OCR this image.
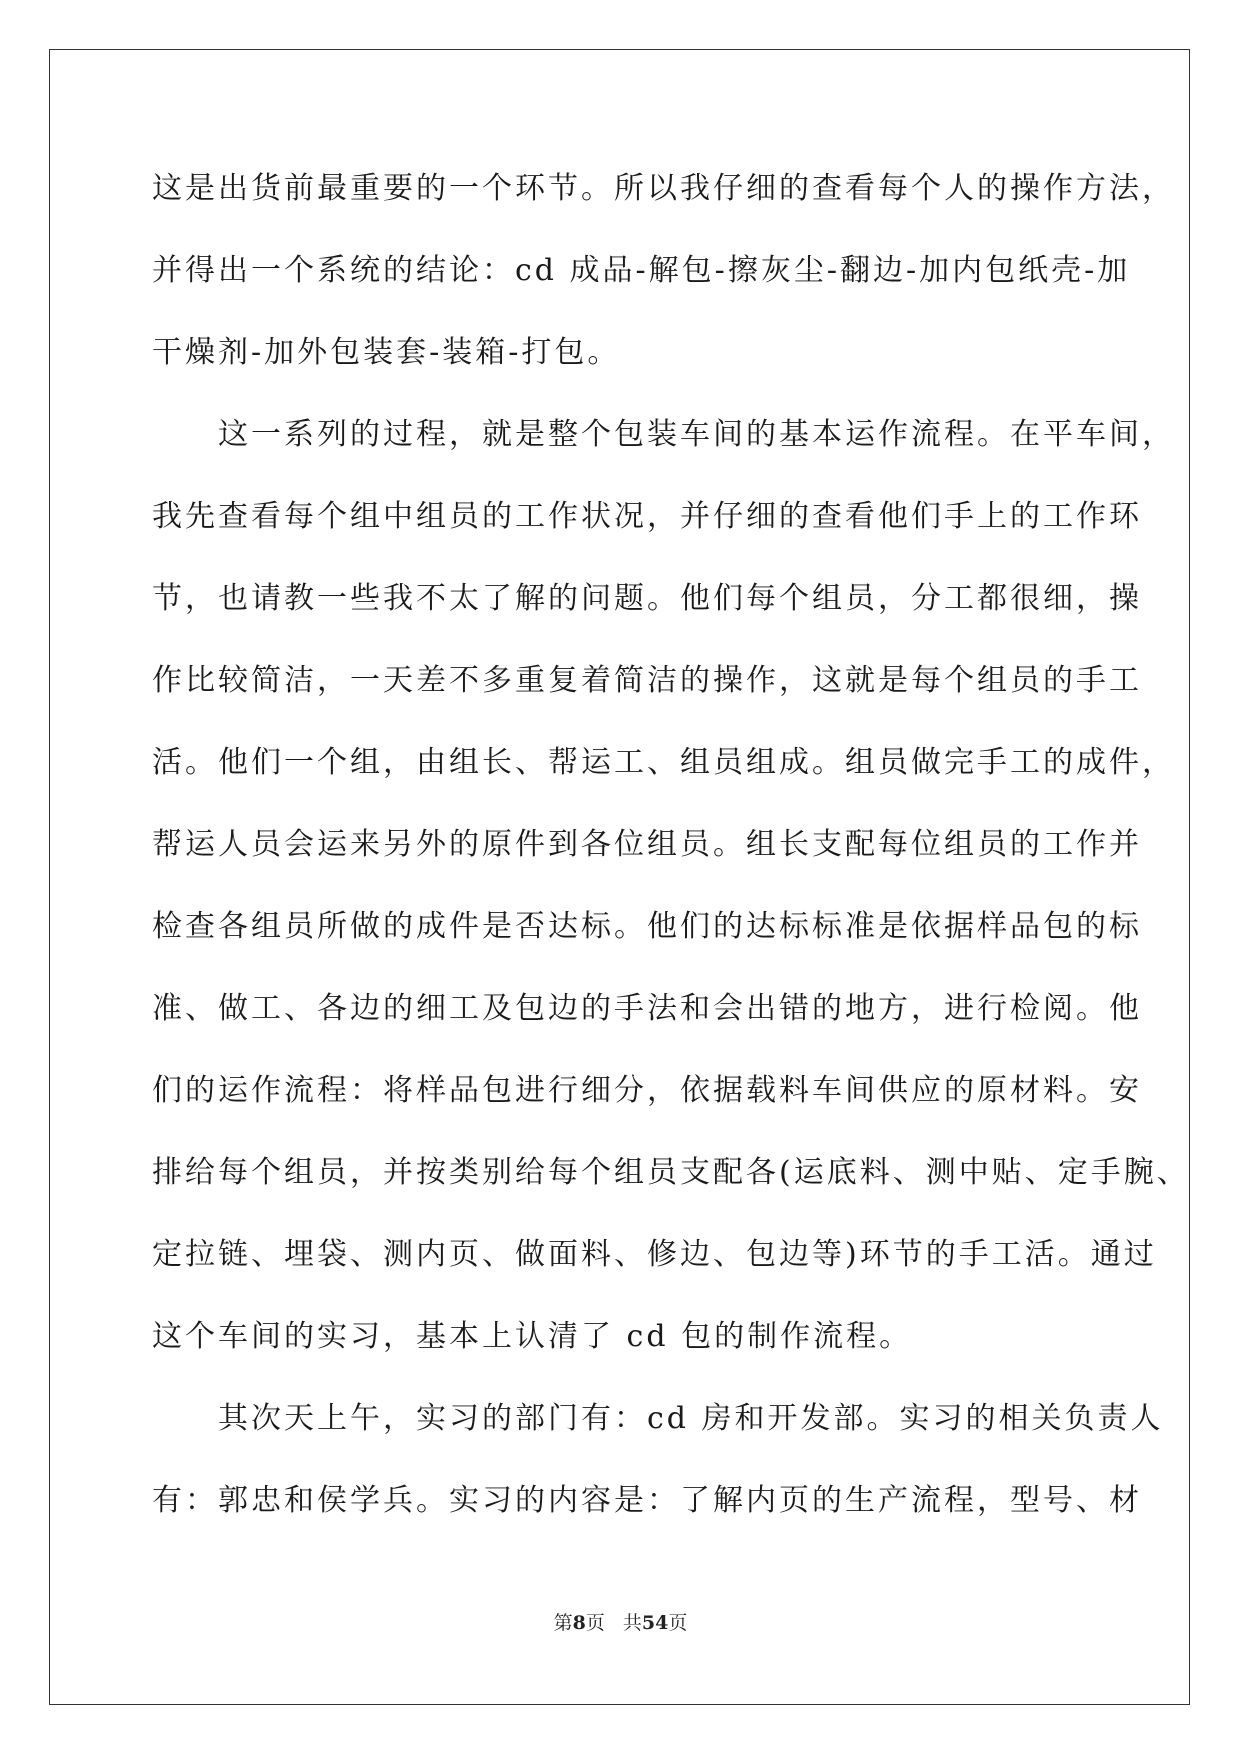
这是出货前最重要的一个环节。所以我仔细的查看每个人的操作方法，
并得出一个系统的结论：cd 成品-解包-擦灰尘-翻边-加内包纸壳-加
干燥剂-加外包装套-装箱-打包。
　　这一系列的过程，就是整个包装车间的基本运作流程。在平车间，
我先查看每个组中组员的工作状况，并仔细的查看他们手上的工作环
节，也请教一些我不太了解的问题。他们每个组员，分工都很细，操
作比较简洁，一天差不多重复着简洁的操作，这就是每个组员的手工
活。他们一个组，由组长、帮运工、组员组成。组员做完手工的成件，
帮运人员会运来另外的原件到各位组员。组长支配每位组员的工作并
检查各组员所做的成件是否达标。他们的达标标准是依据样品包的标
准、做工、各边的细工及包边的手法和会出错的地方，进行检阅。他
们的运作流程：将样品包进行细分，依据载料车间供应的原材料。安
排给每个组员，并按类别给每个组员支配各(运底料、测中贴、定手腕、
定拉链、埋袋、测内页、做面料、修边、包边等)环节的手工活。通过
这个车间的实习，基本上认清了 cd 包的制作流程。
　　其次天上午，实习的部门有：cd 房和开发部。实习的相关负责人
有：郭忠和侯学兵。实习的内容是：了解内页的生产流程，型号、材
第8页 共54页
